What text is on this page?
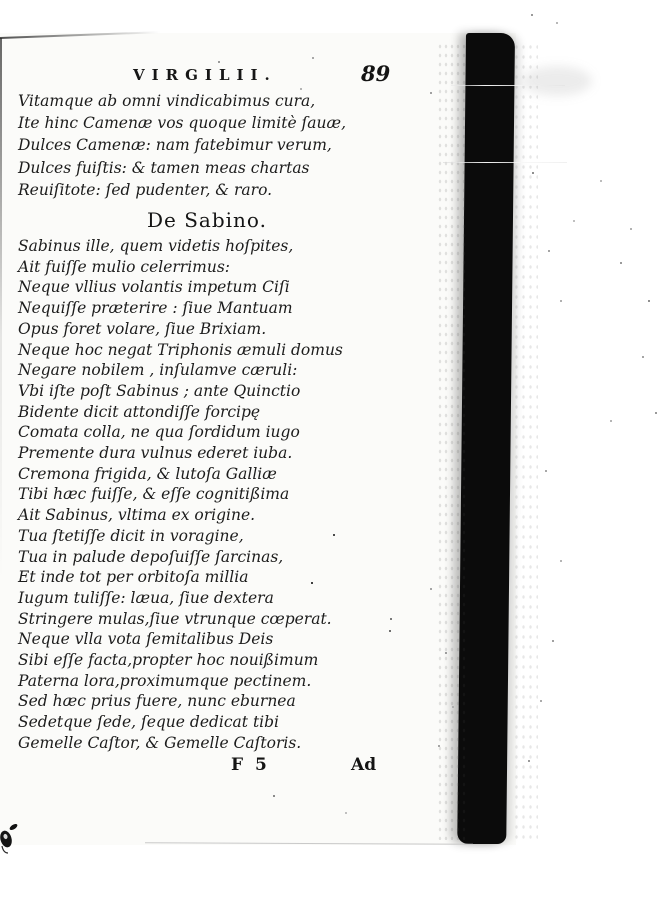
VIRGILII.	89
Vitamque ab omni vindicabimus cura,
Ite hinc Camenæ vos quoque limitè ſauæ,
Dulces Camenæ: nam fatebimur verum,
Dulces fuiſtis: & tamen meas chartas
Reuiſitote: ſed pudenter, & raro.
De Sabino.
Sabinus ille, quem videtis hoſpites,
Ait fuiſſe mulio celerrimus:
Neque vllius volantis impetum Ciſi
Nequiſſe præterire : ſiue Mantuam
Opus foret volare, ſiue Brixiam.
Neque hoc negat Triphonis æmuli domus
Negare nobilem , inſulamve cæruli:
Vbi iſte poſt Sabinus ; ante Quinctio
Bidente dicit attondiſſe forcipę
Comata colla, ne qua ſordidum iugo
Premente dura vulnus ederet iuba.
Cremona frigida, & lutoſa Galliæ
Tibi hæc fuiſſe, & eſſe cognitißima
Ait Sabinus, vltima ex origine.
Tua ſtetiſſe dicit in voragine,
Tua in palude depoſuiſſe ſarcinas,
Et inde tot per orbitoſa millia
Iugum tuliſſe: læua, ſiue dextera
Stringere mulas,ſiue vtrunque cœperat.
Neque vlla vota ſemitalibus Deis
Sibi eſſe facta,propter hoc nouißimum
Paterna lora,proximumque pectinem.
Sed hæc prius fuere, nunc eburnea
Sedetque ſede, ſeque dedicat tibi
Gemelle Caſtor, & Gemelle Caſtoris.
F 5	Ad
